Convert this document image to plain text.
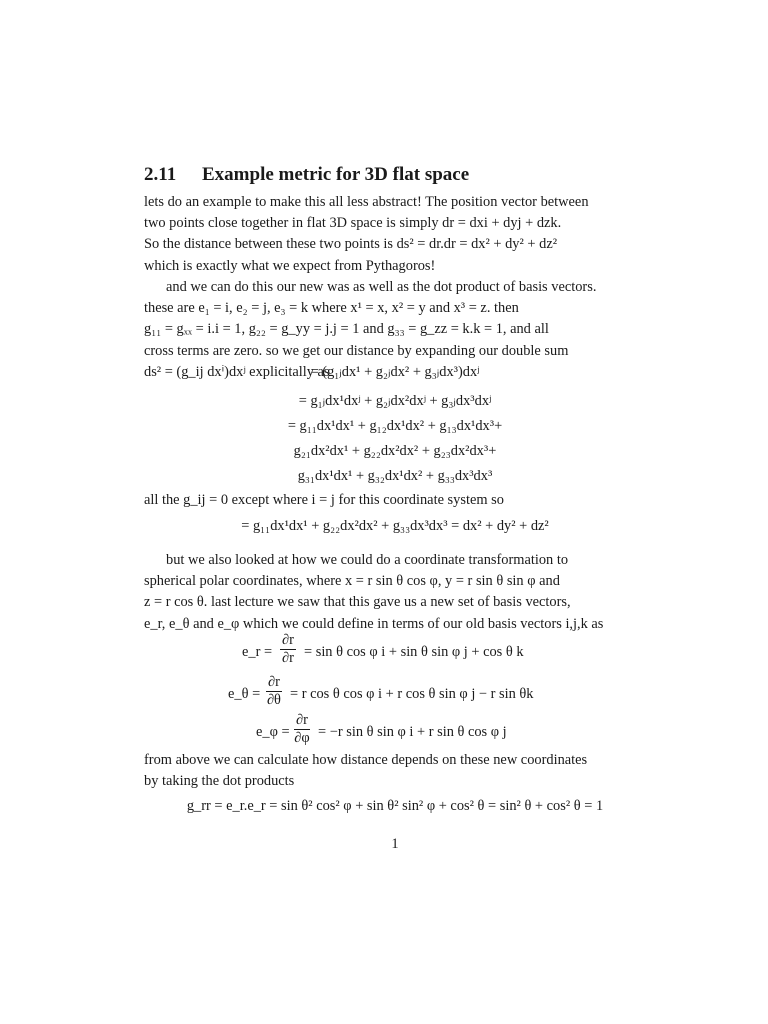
2.11 Example metric for 3D flat space

lets do an example to make this all less abstract! The position vector between

two points close together in flat 3D space is simply dr = dxi + dyj + dzk.

So the distance between these two points is ds² = dr.dr = dx² + dy² + dz²

which is exactly what we expect from Pythagoros!

and we can do this our new was as well as the dot product of basis vectors.

these are e₁ = i, e₂ = j, e₃ = k where x¹ = x, x² = y and x³ = z. then

g₁₁ = gₓₓ = i.i = 1, g₂₂ = g_yy = j.j = 1 and g₃₃ = g_zz = k.k = 1, and all

cross terms are zero. so we get our distance by expanding our double sum

ds² = (g_ij dxⁱ)dxʲ explicitally as

= (g₁ⱼdx¹ + g₂ⱼdx² + g₃ⱼdx³)dxʲ
= g₁ⱼdx¹dxʲ + g₂ⱼdx²dxʲ + g₃ⱼdx³dxʲ
= g₁₁dx¹dx¹ + g₁₂dx¹dx² + g₁₃dx¹dx³+
g₂₁dx²dx¹ + g₂₂dx²dx² + g₂₃dx²dx³+
g₃₁dx¹dx¹ + g₃₂dx¹dx² + g₃₃dx³dx³

all the g_ij = 0 except where i = j for this coordinate system so

= g₁₁dx¹dx¹ + g₂₂dx²dx² + g₃₃dx³dx³ = dx² + dy² + dz²

but we also looked at how we could do a coordinate transformation to

spherical polar coordinates, where x = r sin θ cos φ, y = r sin θ sin φ and

z = r cos θ. last lecture we saw that this gave us a new set of basis vectors,

e_r, e_θ and e_φ which we could define in terms of our old basis vectors i,j,k as

e_r = $\frac{\partial r}{\partial r} = \sin \theta$ cos φ i + sin θ sin φ j + cos θ k
e_θ = $\frac{\partial r}{\partial\theta} = r$ cos θ cos φ i + r cos θ sin φ j − r sin θk
e_φ = $\frac{\partial r}{\partial\varphi} = -r$ sin θ sin φ i + r sin θ cos φ j

from above we can calculate how distance depends on these new coordinates

by taking the dot products

g_rr = e_r.e_r = sin θ² cos² φ + sin θ² sin² φ + cos² θ = sin² θ + cos² θ = 1
1
